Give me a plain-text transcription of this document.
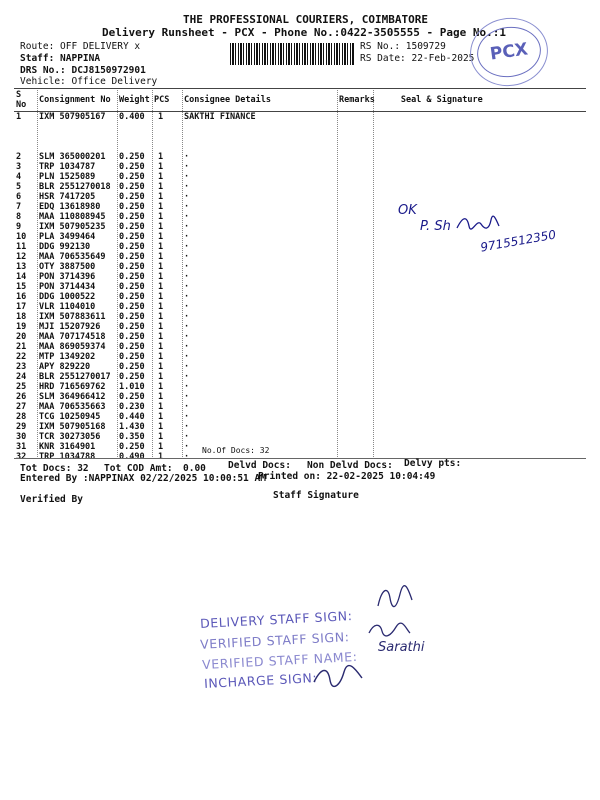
THE PROFESSIONAL COURIERS, COIMBATORE
Delivery Runsheet - PCX - Phone No.:0422-3505555 - Page No.:1
Route: OFF DELIVERY x
Staff: NAPPINA
DRS No.: DCJ8150972901
Vehicle: Office Delivery
RS No.: 1509729
RS Date: 22-Feb-2025 PCX
S No	Consignment No	Weight	PCS	Consignee Details	Remarks	Seal & Signature
1	IXM 507905167	0.400	1	SAKTHI FINANCE		
2	SLM 365000201	0.250	1	·		
3	TRP 1034787	0.250	1	·		
4	PLN 1525089	0.250	1	·		
5	BLR 2551270018	0.250	1	·		
6	HSR 7417205	0.250	1	·		
7	EDQ 13618980	0.250	1	·		
8	MAA 110808945	0.250	1	·		
9	IXM 507905235	0.250	1	·		
10	PLA 3499464	0.250	1	·		
11	DDG 992130	0.250	1	·		
12	MAA 706535649	0.250	1	·		
13	OTY 3887500	0.250	1	·		
14	PON 3714396	0.250	1	·		
15	PON 3714434	0.250	1	·		
16	DDG 1000522	0.250	1	·		
17	VLR 1104010	0.250	1	·		
18	IXM 507883611	0.250	1	·		
19	MJI 15207926	0.250	1	·		
20	MAA 707174518	0.250	1	·		
21	MAA 869059374	0.250	1	·		
22	MTP 1349202	0.250	1	·		
23	APY 829220	0.250	1	·		
24	BLR 2551270017	0.250	1	·		
25	HRD 716569762	1.010	1	·		
26	SLM 364966412	0.250	1	·		
27	MAA 706535663	0.230	1	·		
28	TCG 10250945	0.440	1	·		
29	IXM 507905168	1.430	1	·		
30	TCR 30273056	0.350	1	·		
31	KNR 3164901	0.250	1	·		
32	TRP 1034788	0.490	1	·		
No.Of Docs: 32
Tot Docs: 32 Tot COD Amt: 0.00 Delvd Docs: Non Delvd Docs: Delvy pts:
Entered By :NAPPINAX 02/22/2025 10:00:51 AM
Printed on: 22-02-2025 10:04:49
Verified By	Staff Signature
OK
P. Sh
9715512350
DELIVERY STAFF SIGN:
VERIFIED STAFF SIGN:
VERIFIED STAFF NAME:
INCHARGE SIGN:
Sarathi
